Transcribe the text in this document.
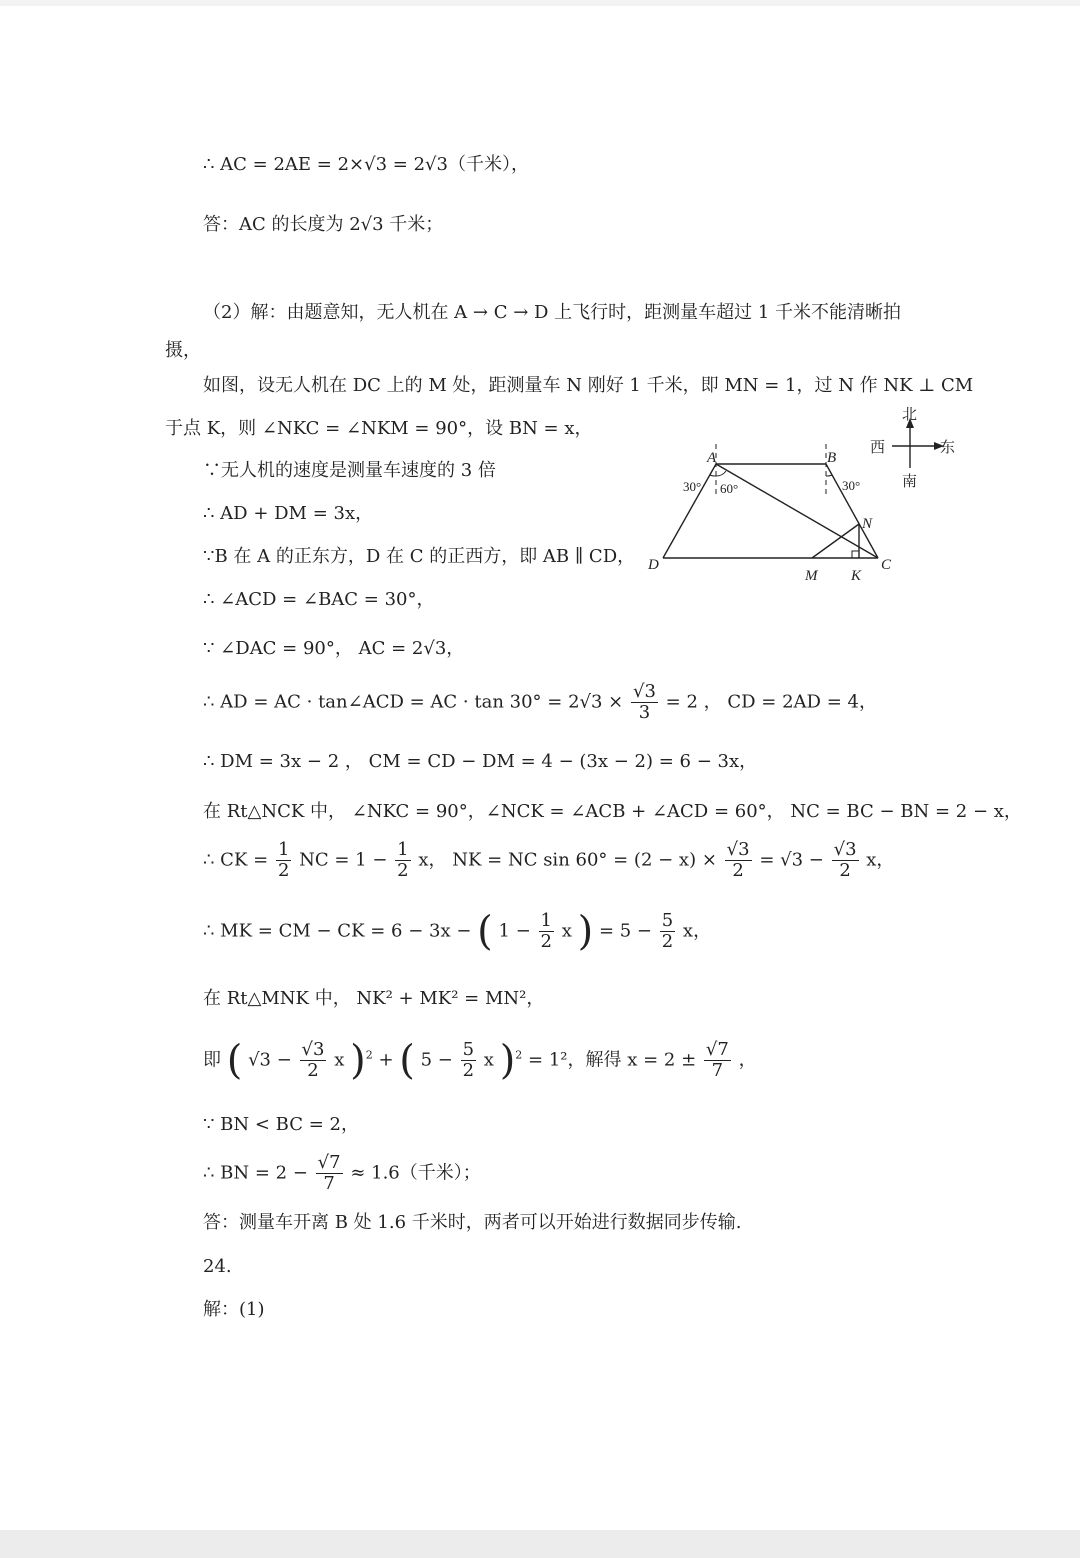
∴ AC = 2AE = 2×√3 = 2√3（千米），
答：AC 的长度为 2√3 千米；
（2）解：由题意知，无人机在 A → C → D 上飞行时，距测量车超过 1 千米不能清晰拍
摄，
如图，设无人机在 DC 上的 M 处，距测量车 N 刚好 1 千米，即 MN = 1，过 N 作 NK ⊥ CM
于点 K，则 ∠NKC = ∠NKM = 90°，设 BN = x，
∵无人机的速度是测量车速度的 3 倍
∴ AD + DM = 3x，
∵B 在 A 的正东方，D 在 C 的正西方，即 AB ∥ CD，
∴ ∠ACD = ∠BAC = 30°，
∵ ∠DAC = 90°， AC = 2√3，
∴ AD = AC · tan∠ACD = AC · $\tan 30^\circ = 2√3 \times \frac{√3}{3} = 2$ ， CD = 2AD = 4，
∴ DM = 3x − 2 ， CM = CD − DM = 4 − (3x − 2) = 6 − 3x，
在 Rt△NCK 中， ∠NKC = 90°，∠NCK = ∠ACB + ∠ACD = 60°， NC = BC − BN = 2 − x，
∴ CK = $\frac{1}{2}$ NC = $1 - \frac{1}{2}$ x， NK = NC $\sin 60^\circ = (2 - x) \times \frac{√3}{2} = √3 - \frac{√3}{2}$ x，
∴ MK = CM − CK = 6 − 3x − ( $1 - \frac{1}{2}$ x ) = $5 - \frac{5}{2}$ x，
在 Rt△MNK 中， NK² + MK² = MN²，
即 ( $√3 - \frac{√3}{2}$ x )$^2$ + ( $5 - \frac{5}{2}$ x )$^2$ = 1²，解得 $x = 2 \pm \frac{√7}{7}$ ，
∵ BN < BC = 2，
∴ BN = $2 - \frac{√7}{7} \approx 1.6$（千米）；
答：测量车开离 B 处 1.6 千米时，两者可以开始进行数据同步传输.
24.
解：(1)
A	B
C
D
M
N
K
30° 60°	30°
北
南
西	东
